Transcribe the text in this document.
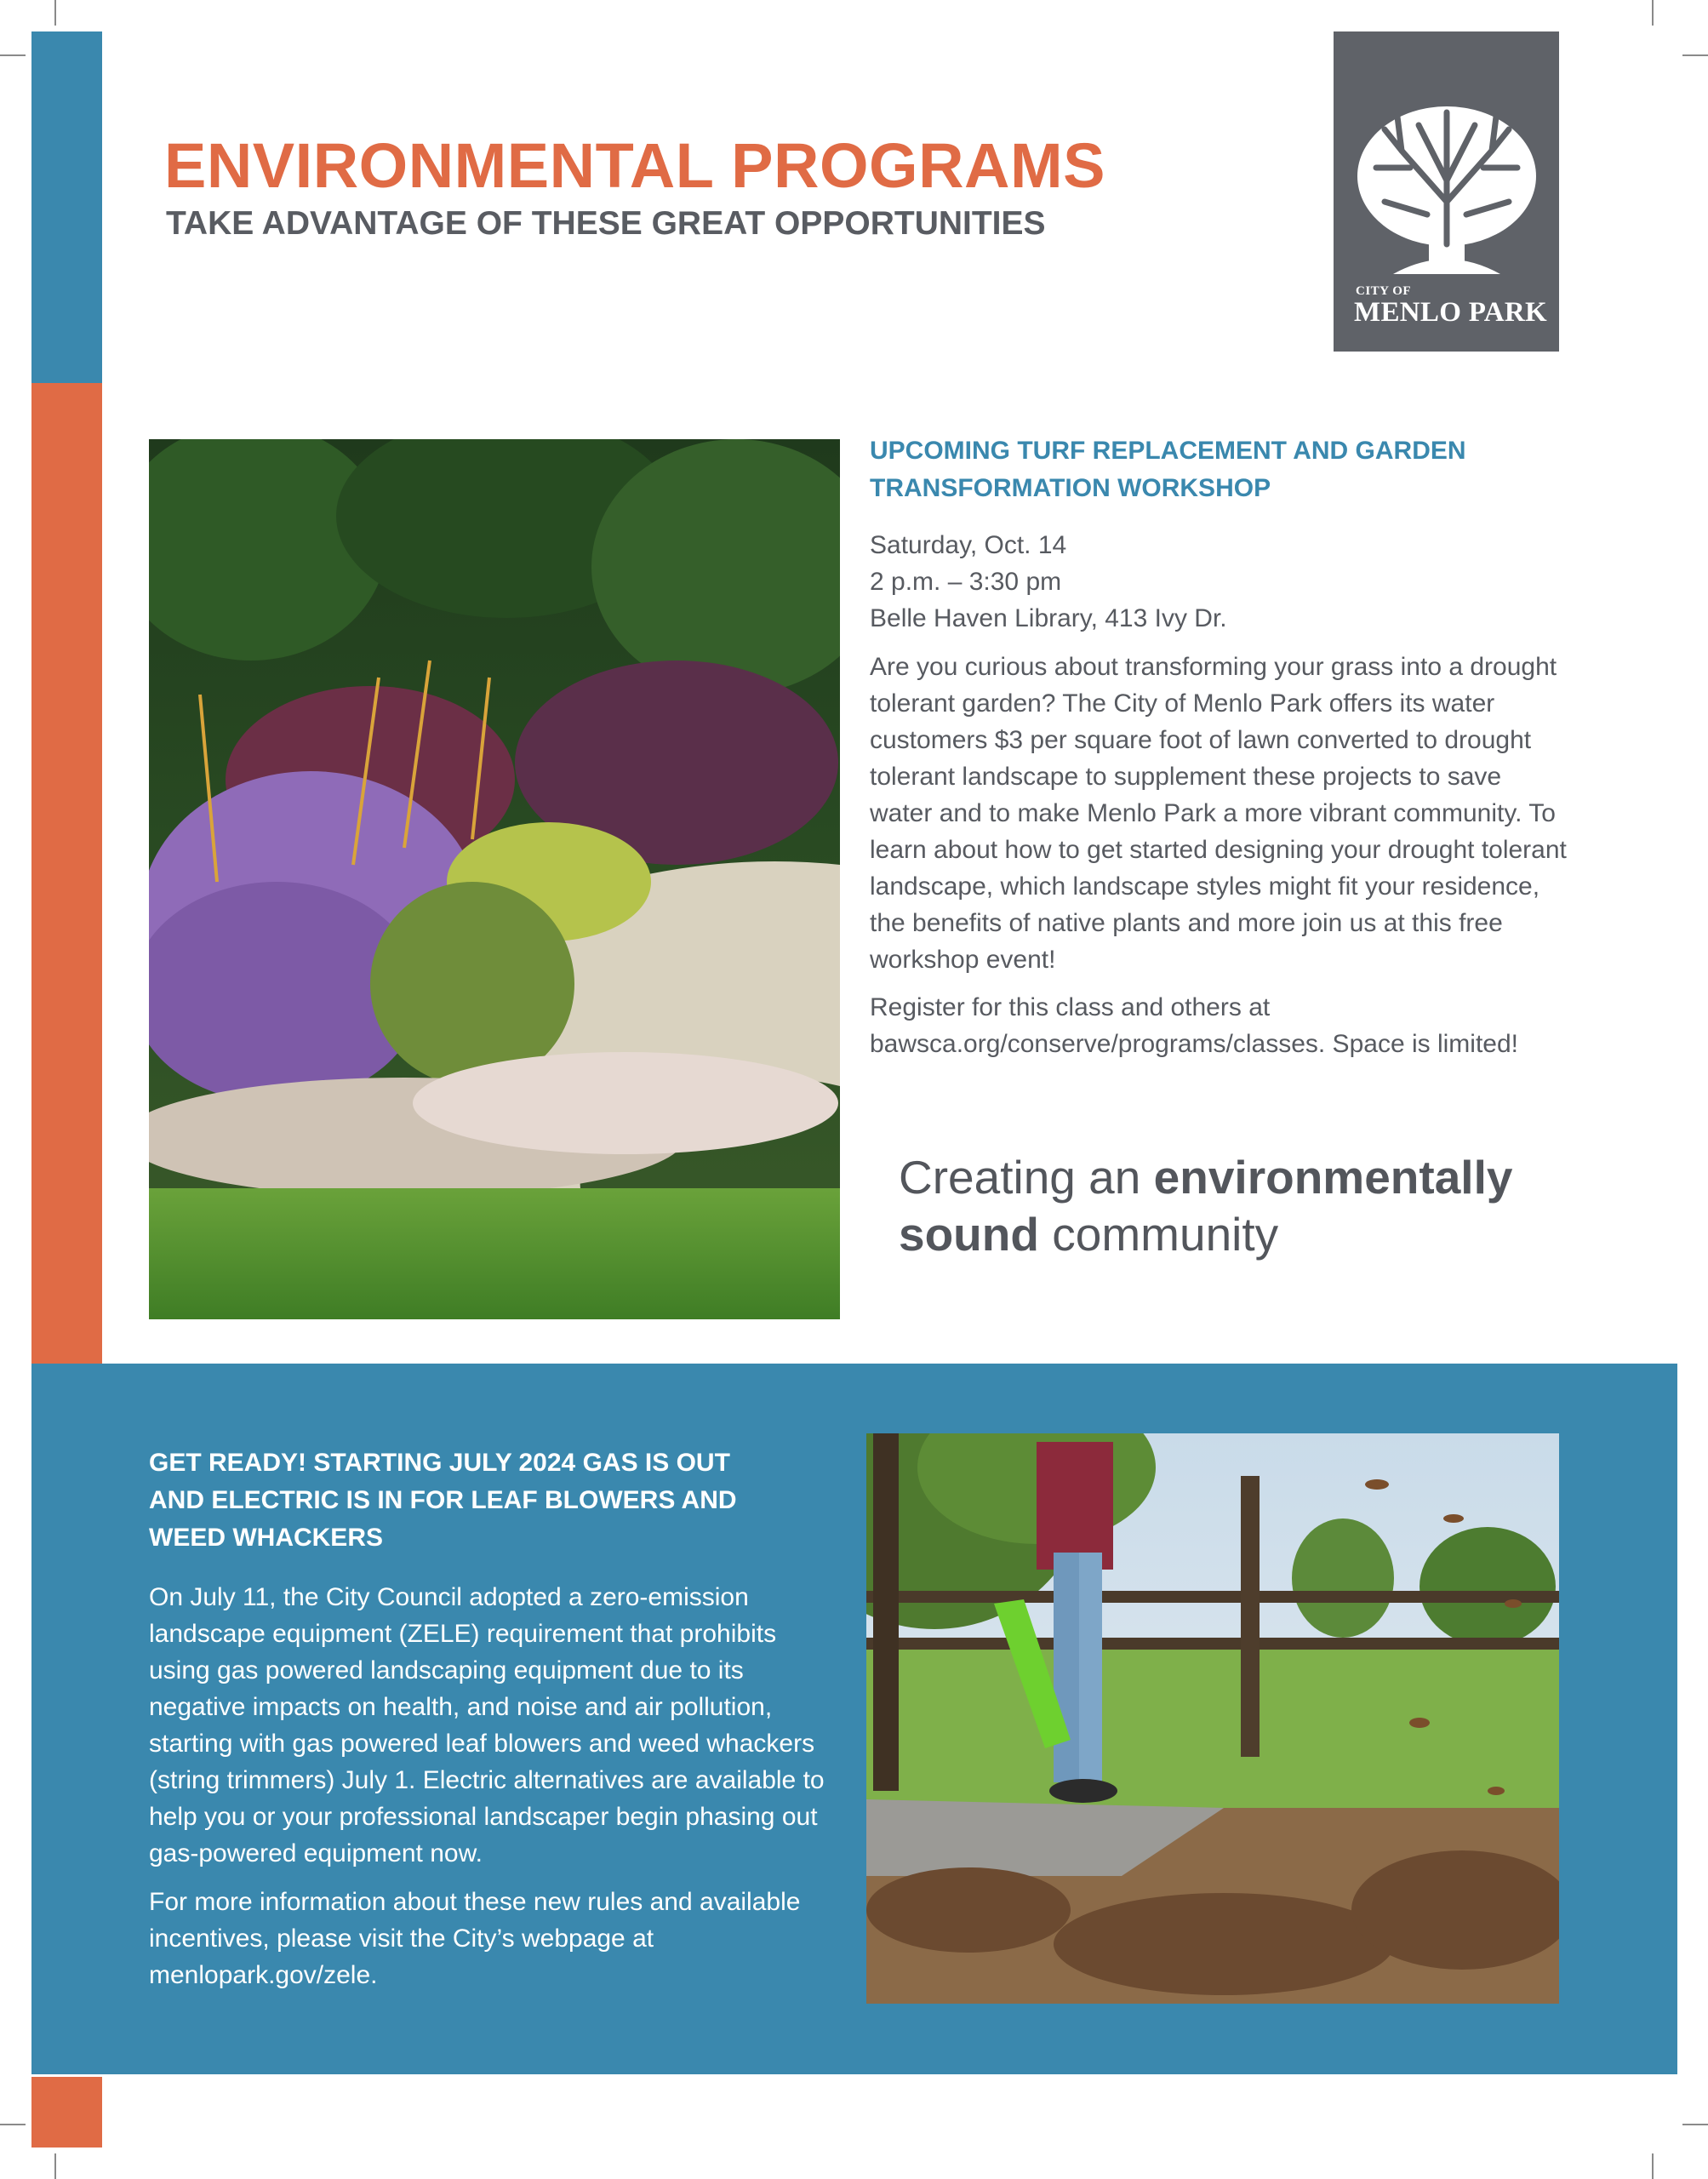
ENVIRONMENTAL PROGRAMS
TAKE ADVANTAGE OF THESE GREAT OPPORTUNITIES
CITY OF
MENLO PARK
UPCOMING TURF REPLACEMENT AND GARDEN
TRANSFORMATION WORKSHOP
Saturday, Oct. 14
2 p.m. – 3:30 pm
Belle Haven Library, 413 Ivy Dr.

Are you curious about transforming your grass into a drought tolerant garden? The City of Menlo Park offers its water customers $3 per square foot of lawn converted to drought tolerant landscape to supplement these projects to save water and to make Menlo Park a more vibrant community. To learn about how to get started designing your drought tolerant landscape, which landscape styles might fit your residence, the benefits of native plants and more join us at this free workshop event!

Register for this class and others at bawsca.org/conserve/programs/classes. Space is limited!

Creating an environmentally
sound community
GET READY! STARTING JULY 2024 GAS IS OUT
AND ELECTRIC IS IN FOR LEAF BLOWERS AND
WEED WHACKERS

On July 11, the City Council adopted a zero-emission landscape equipment (ZELE) requirement that prohibits using gas powered landscaping equipment due to its negative impacts on health, and noise and air pollution, starting with gas powered leaf blowers and weed whackers (string trimmers) July 1. Electric alternatives are available to help you or your professional landscaper begin phasing out gas-powered equipment now.

For more information about these new rules and available incentives, please visit the City’s webpage at menlopark.gov/zele.
